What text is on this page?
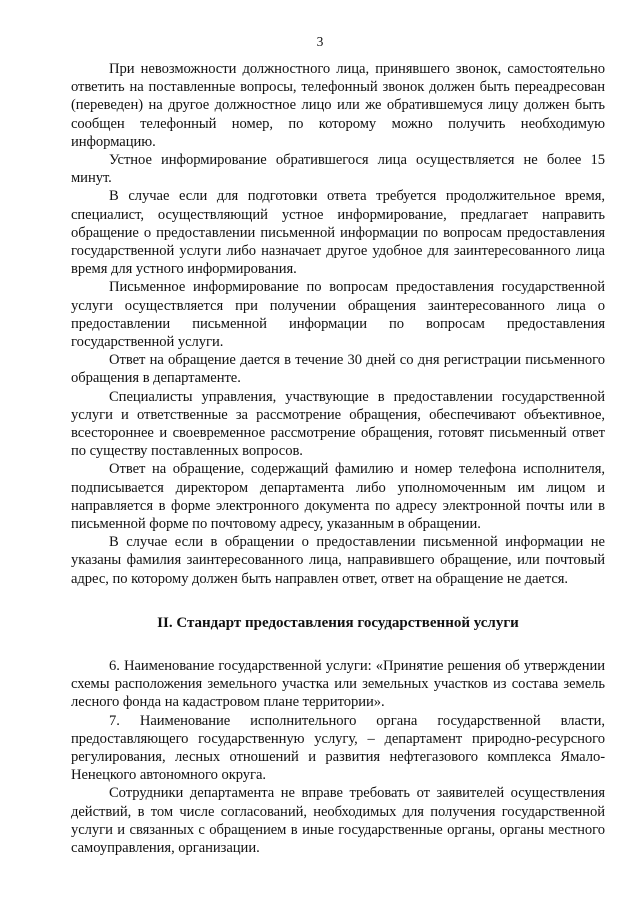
3

При невозможности должностного лица, принявшего звонок, самостоятельно ответить на поставленные вопросы, телефонный звонок должен быть переадресован (переведен) на другое должностное лицо или же обратившемуся лицу должен быть сообщен телефонный номер, по которому можно получить необходимую информацию.

Устное информирование обратившегося лица осуществляется не более 15 минут.

В случае если для подготовки ответа требуется продолжительное время, специалист, осуществляющий устное информирование, предлагает направить обращение о предоставлении письменной информации по вопросам предоставления государственной услуги либо назначает другое удобное для заинтересованного лица время для устного информирования.

Письменное информирование по вопросам предоставления государственной услуги осуществляется при получении обращения заинтересованного лица о предоставлении письменной информации по вопросам предоставления государственной услуги.

Ответ на обращение дается в течение 30 дней со дня регистрации письменного обращения в департаменте.

Специалисты управления, участвующие в предоставлении государственной услуги и ответственные за рассмотрение обращения, обеспечивают объективное, всестороннее и своевременное рассмотрение обращения, готовят письменный ответ по существу поставленных вопросов.

Ответ на обращение, содержащий фамилию и номер телефона исполнителя, подписывается директором департамента либо уполномоченным им лицом и направляется в форме электронного документа по адресу электронной почты или в письменной форме по почтовому адресу, указанным в обращении.

В случае если в обращении о предоставлении письменной информации не указаны фамилия заинтересованного лица, направившего обращение, или почтовый адрес, по которому должен быть направлен ответ, ответ на обращение не дается.

II. Стандарт предоставления государственной услуги

6. Наименование государственной услуги: «Принятие решения об утверждении схемы расположения земельного участка или земельных участков из состава земель лесного фонда на кадастровом плане территории».

7. Наименование исполнительного органа государственной власти, предоставляющего государственную услугу, – департамент природно-ресурсного регулирования, лесных отношений и развития нефтегазового комплекса Ямало-Ненецкого автономного округа.

Сотрудники департамента не вправе требовать от заявителей осуществления действий, в том числе согласований, необходимых для получения государственной услуги и связанных с обращением в иные государственные органы, органы местного самоуправления, организации.
